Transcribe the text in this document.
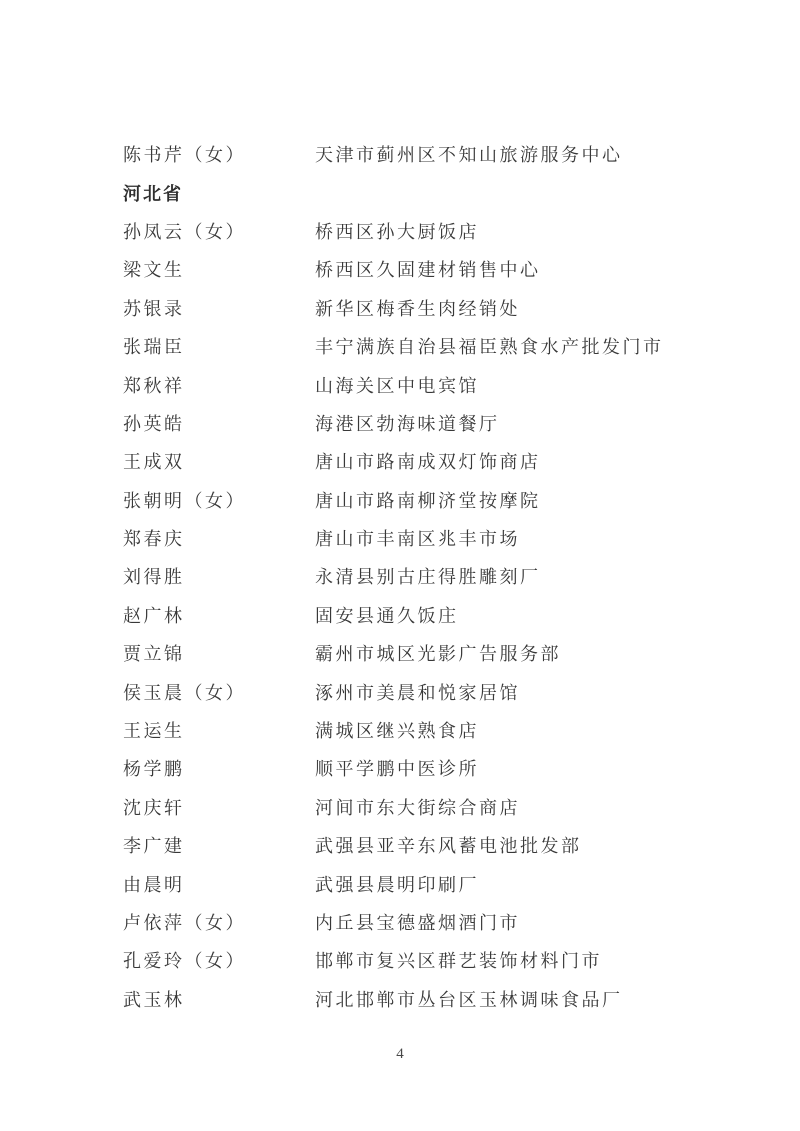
陈书芹（女）	天津市蓟州区不知山旅游服务中心
河北省
孙凤云（女）	桥西区孙大厨饭店
梁文生	桥西区久固建材销售中心
苏银录	新华区梅香生肉经销处
张瑞臣	丰宁满族自治县福臣熟食水产批发门市
郑秋祥	山海关区中电宾馆
孙英皓	海港区勃海味道餐厅
王成双	唐山市路南成双灯饰商店
张朝明（女）	唐山市路南柳济堂按摩院
郑春庆	唐山市丰南区兆丰市场
刘得胜	永清县别古庄得胜雕刻厂
赵广林	固安县通久饭庄
贾立锦	霸州市城区光影广告服务部
侯玉晨（女）	涿州市美晨和悦家居馆
王运生	满城区继兴熟食店
杨学鹏	顺平学鹏中医诊所
沈庆轩	河间市东大街综合商店
李广建	武强县亚辛东风蓄电池批发部
由晨明	武强县晨明印刷厂
卢依萍（女）	内丘县宝德盛烟酒门市
孔爱玲（女）	邯郸市复兴区群艺装饰材料门市
武玉林	河北邯郸市丛台区玉林调味食品厂
4
